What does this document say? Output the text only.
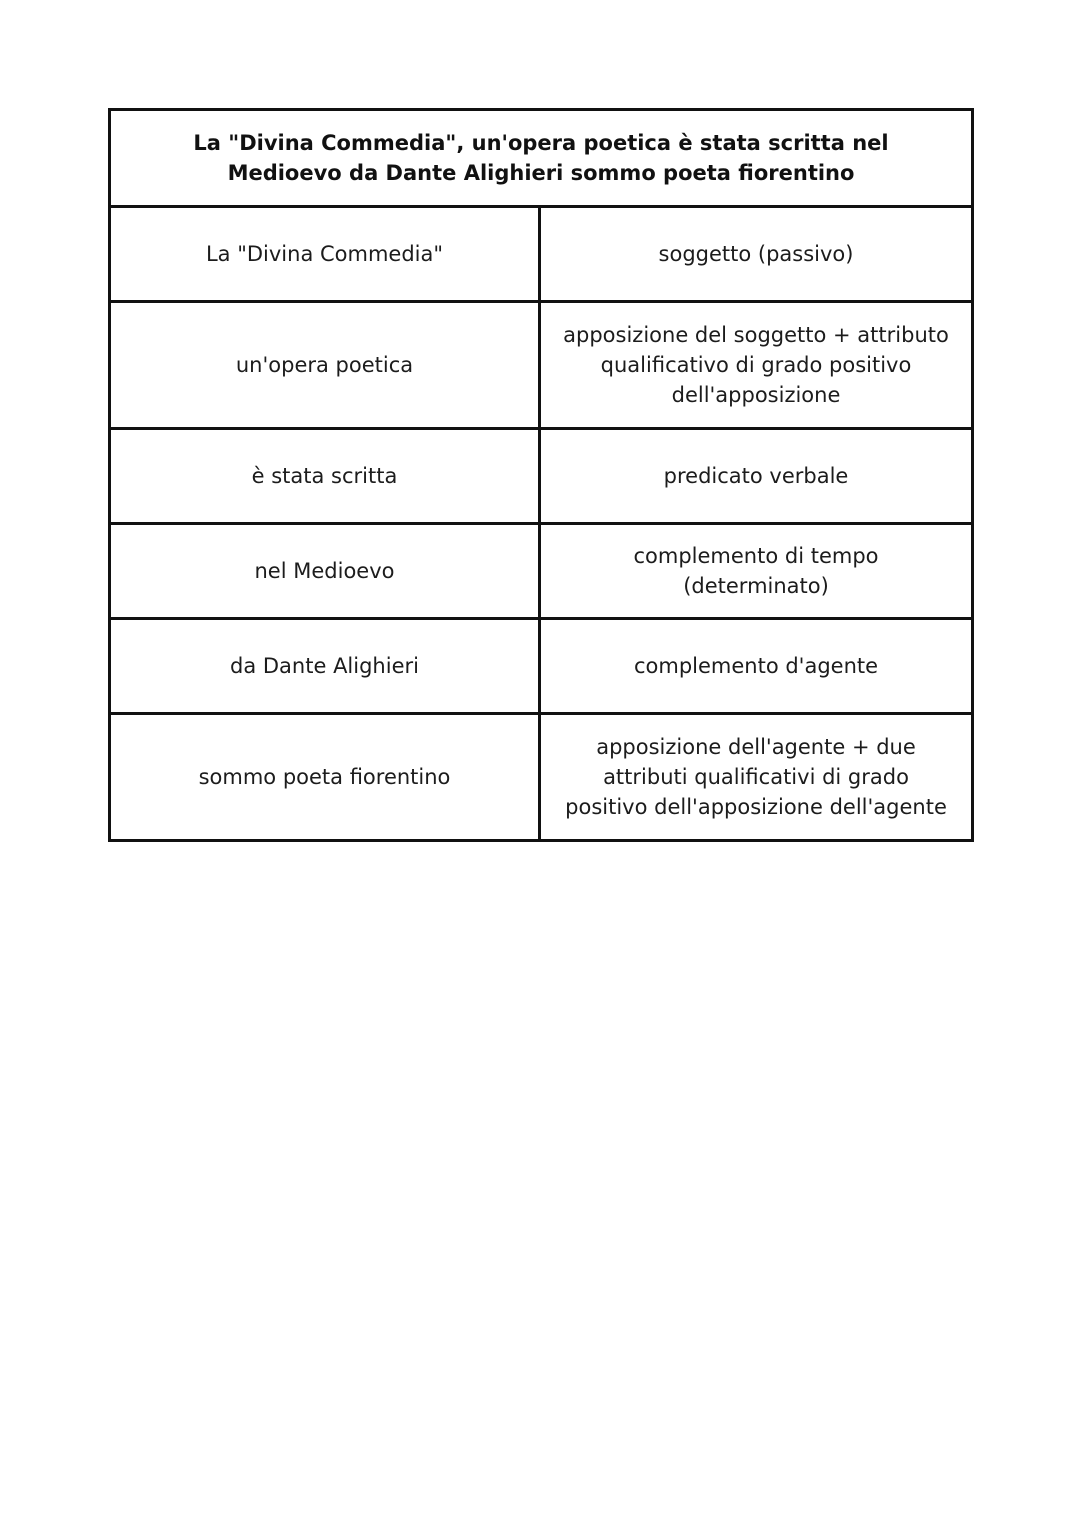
La "Divina Commedia", un'opera poetica è stata scritta nel Medioevo da Dante Alighieri sommo poeta fiorentino	
La "Divina Commedia"	soggetto (passivo)
un'opera poetica	apposizione del soggetto + attributo qualificativo di grado positivo dell'apposizione
è stata scritta	predicato verbale
nel Medioevo	complemento di tempo (determinato)
da Dante Alighieri	complemento d'agente
sommo poeta fiorentino	apposizione dell'agente + due attributi qualificativi di grado positivo dell'apposizione dell'agente
